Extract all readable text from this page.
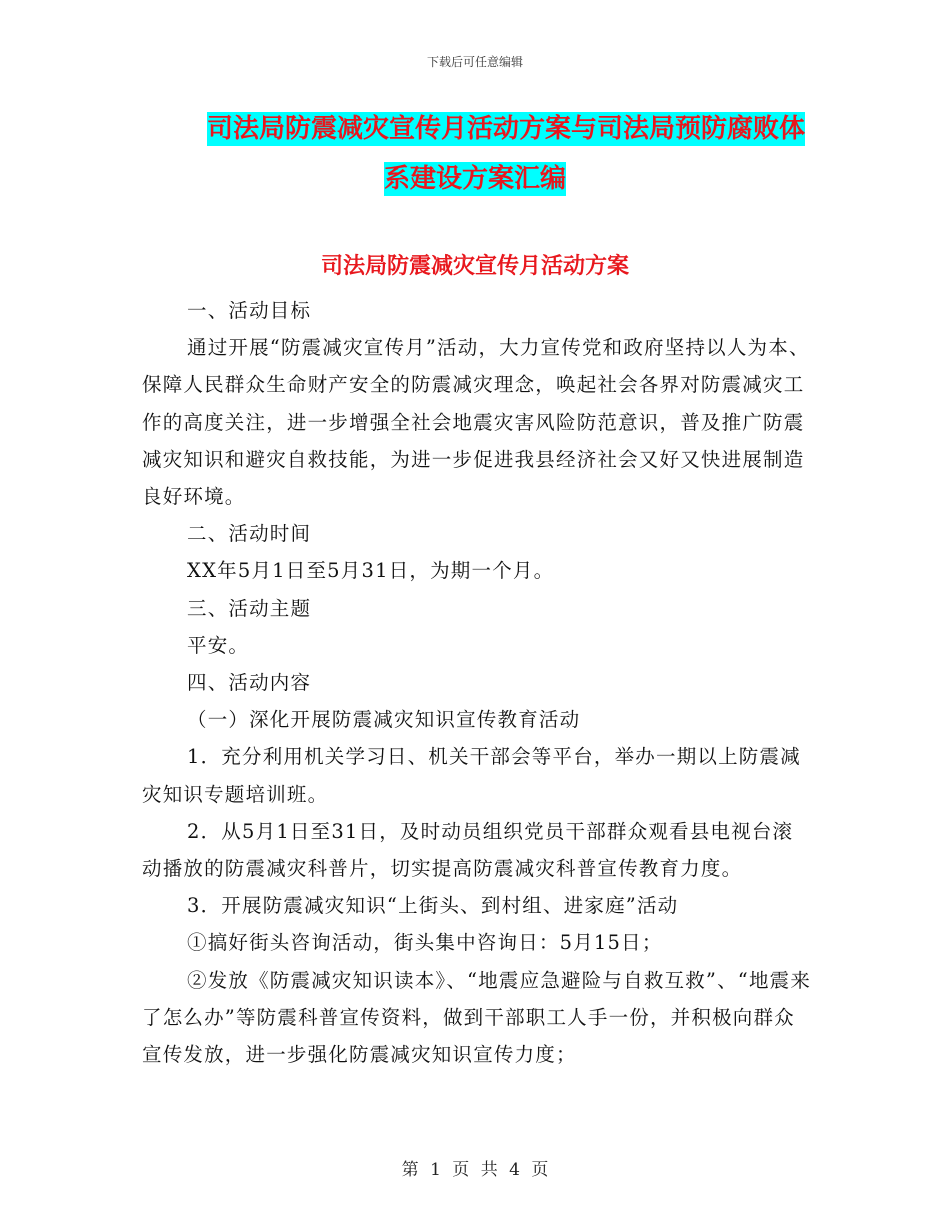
下载后可任意编辑
司法局防震减灾宣传月活动方案与司法局预防腐败体
系建设方案汇编
司法局防震减灾宣传月活动方案

一、活动目标

通过开展“防震减灾宣传月”活动，大力宣传党和政府坚持以人为本、保障人民群众生命财产安全的防震减灾理念，唤起社会各界对防震减灾工作的高度关注，进一步增强全社会地震灾害风险防范意识，普及推广防震减灾知识和避灾自救技能，为进一步促进我县经济社会又好又快进展制造良好环境。

二、活动时间

XX年5月1日至5月31日，为期一个月。

三、活动主题

平安。

四、活动内容

（一）深化开展防震减灾知识宣传教育活动

1．充分利用机关学习日、机关干部会等平台，举办一期以上防震减灾知识专题培训班。

2．从5月1日至31日，及时动员组织党员干部群众观看县电视台滚动播放的防震减灾科普片，切实提高防震减灾科普宣传教育力度。

3．开展防震减灾知识“上街头、到村组、进家庭”活动

①搞好街头咨询活动，街头集中咨询日：5月15日；

②发放《防震减灾知识读本》、“地震应急避险与自救互救”、“地震来了怎么办”等防震科普宣传资料，做到干部职工人手一份，并积极向群众宣传发放，进一步强化防震减灾知识宣传力度；

第 1 页 共 4 页
